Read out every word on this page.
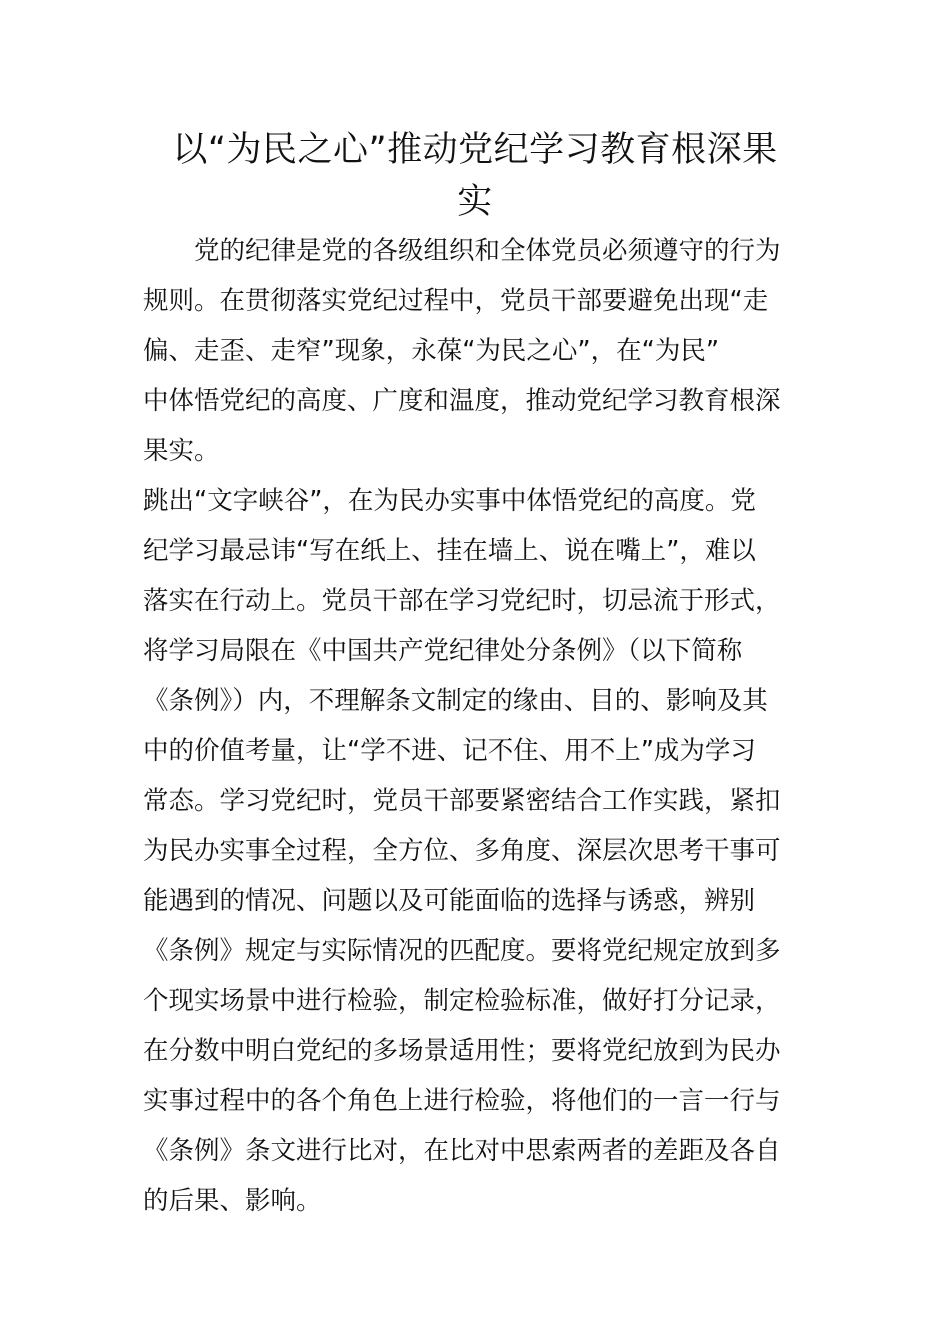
以“为民之心”推动党纪学习教育根深果
实

　　党的纪律是党的各级组织和全体党员必须遵守的行为
规则。在贯彻落实党纪过程中，党员干部要避免出现“走
偏、走歪、走窄”现象，永葆“为民之心”，在“为民”
中体悟党纪的高度、广度和温度，推动党纪学习教育根深
果实。

跳出“文字峡谷”，在为民办实事中体悟党纪的高度。党
纪学习最忌讳“写在纸上、挂在墙上、说在嘴上”，难以
落实在行动上。党员干部在学习党纪时，切忌流于形式，
将学习局限在《中国共产党纪律处分条例》（以下简称
《条例》）内，不理解条文制定的缘由、目的、影响及其
中的价值考量，让“学不进、记不住、用不上”成为学习
常态。学习党纪时，党员干部要紧密结合工作实践，紧扣
为民办实事全过程，全方位、多角度、深层次思考干事可
能遇到的情况、问题以及可能面临的选择与诱惑，辨别
《条例》规定与实际情况的匹配度。要将党纪规定放到多
个现实场景中进行检验，制定检验标准，做好打分记录，
在分数中明白党纪的多场景适用性；要将党纪放到为民办
实事过程中的各个角色上进行检验，将他们的一言一行与
《条例》条文进行比对，在比对中思索两者的差距及各自
的后果、影响。
